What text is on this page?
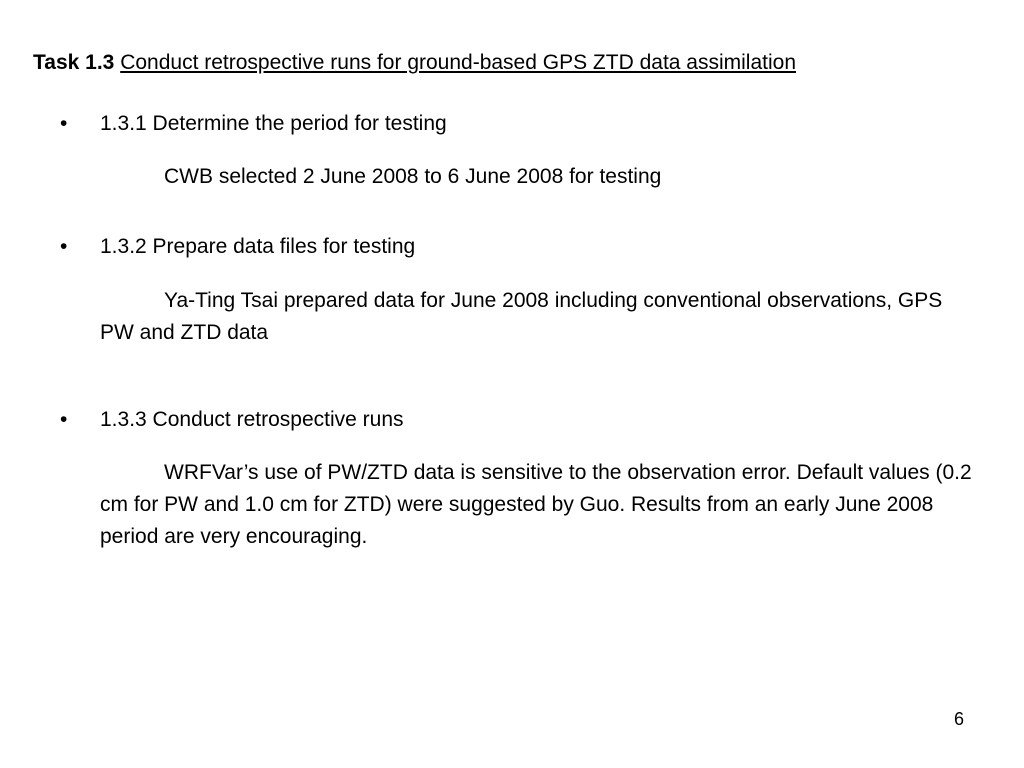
Task 1.3 Conduct retrospective runs for ground-based GPS ZTD data assimilation
• 1.3.1 Determine the period for testing
CWB selected 2 June 2008 to 6 June 2008 for testing
• 1.3.2 Prepare data files for testing
Ya-Ting Tsai prepared data for June 2008 including conventional observations, GPS PW and ZTD data
• 1.3.3 Conduct retrospective runs
WRFVar’s use of PW/ZTD data is sensitive to the observation error. Default values (0.2 cm for PW and 1.0 cm for ZTD) were suggested by Guo. Results from an early June 2008 period are very encouraging.
6
